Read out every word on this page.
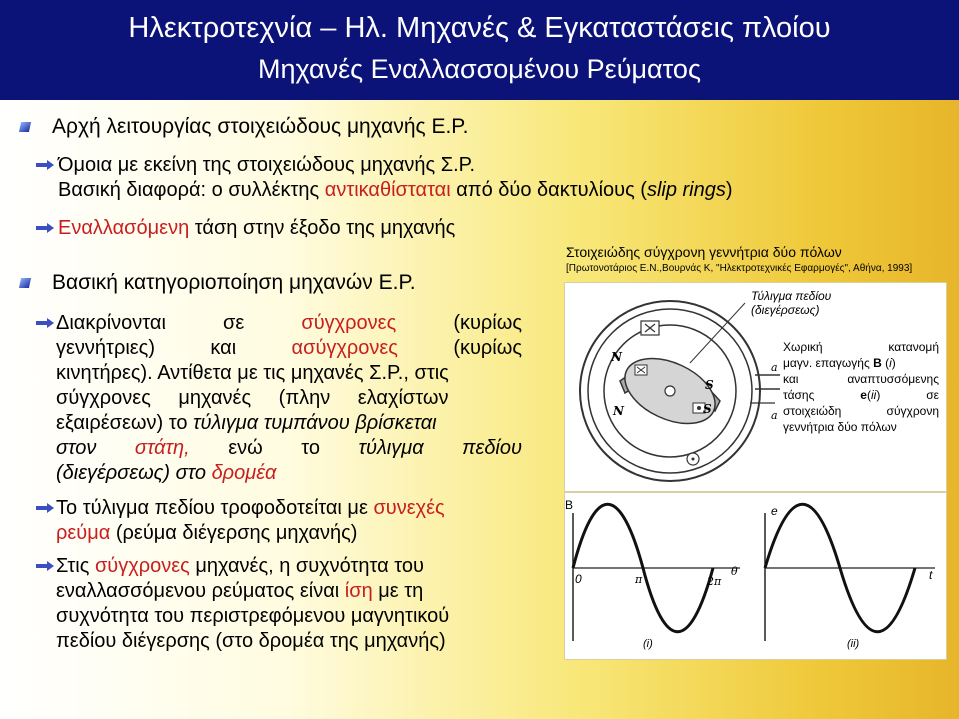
Ηλεκτροτεχνία – Ηλ. Μηχανές & Εγκαταστάσεις πλοίου
Μηχανές Εναλλασσομένου Ρεύματος
Αρχή λειτουργίας στοιχειώδους μηχανής Ε.Ρ.
Όμοια με εκείνη της στοιχειώδους μηχανής Σ.Ρ.
Βασική διαφορά: ο συλλέκτης αντικαθίσταται από δύο δακτυλίους (slip rings)
Εναλλασόμενη τάση στην έξοδο της μηχανής
Στοιχειώδης σύγχρονη γεννήτρια δύο πόλων
[Πρωτονοτάριος Ε.Ν.,Βουρνάς Κ, "Ηλεκτροτεχνικές Εφαρμογές", Αθήνα, 1993]
Βασική κατηγοριοποίηση μηχανών Ε.Ρ.
Διακρίνονται	σε	σύγχρονες	(κυρίως
γεννήτριες)	και	ασύγχρονες	(κυρίως
κινητήρες). Αντίθετα με τις μηχανές Σ.Ρ., στις
σύγχρονες μηχανές (πλην ελαχίστων
εξαιρέσεων) το τύλιγμα τυμπάνου βρίσκεται
στον στάτη, ενώ το τύλιγμα πεδίου
(διεγέρσεως) στο δρομέα
Το τύλιγμα πεδίου τροφοδοτείται με συνεχές
ρεύμα (ρεύμα διέγερσης μηχανής)
Στις σύγχρονες μηχανές, η συχνότητα του
εναλλασσόμενου ρεύματος είναι ίση με τη
συχνότητα του περιστρεφόμενου μαγνητικού
πεδίου διέγερσης (στο δρομέα της μηχανής)
N
N
S
S
a
a
Τύλιγμα πεδίου
(διεγέρσεως)
Χωρική κατανομή
μαγν. επαγωγής B (i)
και αναπτυσσόμενης
τάσης e(ii) σε
στοιχειώδη σύγχρονη
γεννήτρια δύο πόλων
B
0	π	2π
θ
(i)
e
t
(ii)
